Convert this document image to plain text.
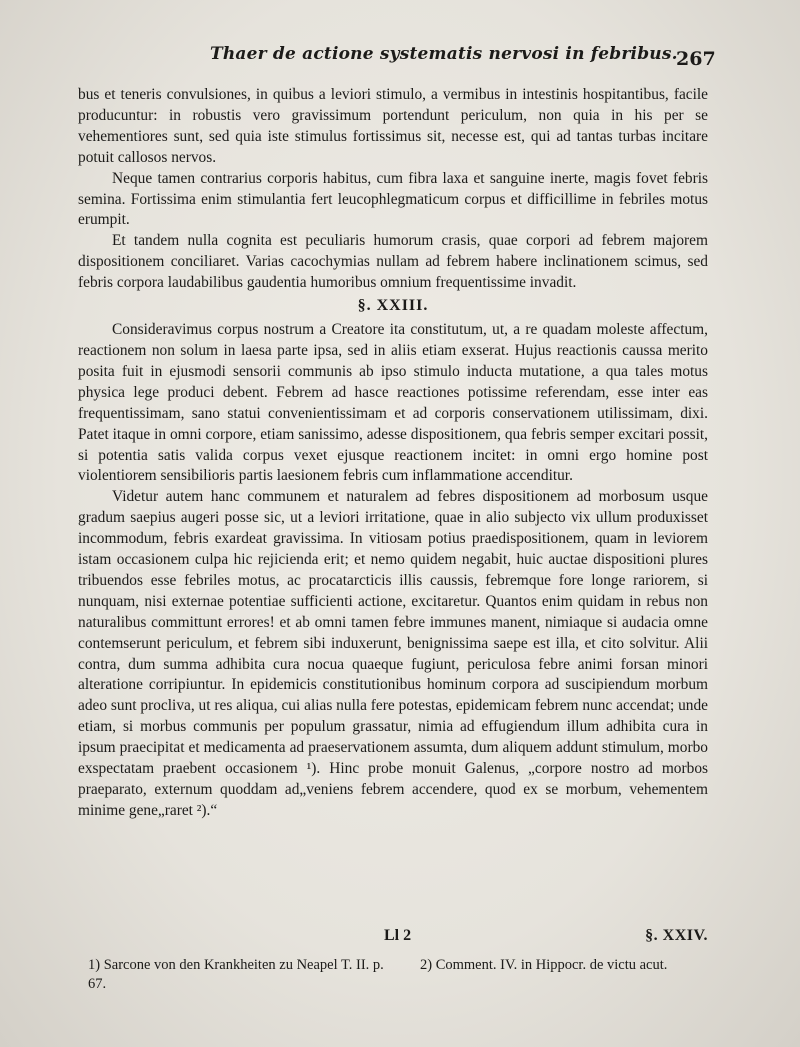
Thaer de actione systematis nervosi in febribus.
267

bus et teneris convulsiones, in quibus a leviori stimulo, a vermibus in intestinis hospitantibus, facile producuntur: in robustis vero gravissimum portendunt periculum, non quia in his per se vehementiores sunt, sed quia iste stimulus fortissimus sit, necesse est, qui ad tantas turbas incitare potuit callosos nervos.

Neque tamen contrarius corporis habitus, cum fibra laxa et sanguine inerte, magis fovet febris semina. Fortissima enim stimulantia fert leucophlegmaticum corpus et difficillime in febriles motus erumpit.

Et tandem nulla cognita est peculiaris humorum crasis, quae corpori ad febrem majorem dispositionem conciliaret. Varias cacochymias nullam ad febrem habere inclinationem scimus, sed febris corpora laudabilibus gaudentia humoribus omnium frequentissime invadit.

§. XXIII.

Consideravimus corpus nostrum a Creatore ita constitutum, ut, a re quadam moleste affectum, reactionem non solum in laesa parte ipsa, sed in aliis etiam exserat. Hujus reactionis caussa merito posita fuit in ejusmodi sensorii communis ab ipso stimulo inducta mutatione, a qua tales motus physica lege produci debent. Febrem ad hasce reactiones potissime referendam, esse inter eas frequentissimam, sano statui convenientissimam et ad corporis conservationem utilissimam, dixi. Patet itaque in omni corpore, etiam sanissimo, adesse dispositionem, qua febris semper excitari possit, si potentia satis valida corpus vexet ejusque reactionem incitet: in omni ergo homine post violentiorem sensibilioris partis laesionem febris cum inflammatione accenditur.

Videtur autem hanc communem et naturalem ad febres dispositionem ad morbosum usque gradum saepius augeri posse sic, ut a leviori irritatione, quae in alio subjecto vix ullum produxisset incommodum, febris exardeat gravissima. In vitiosam potius praedispositionem, quam in leviorem istam occasionem culpa hic rejicienda erit; et nemo quidem negabit, huic auctae dispositioni plures tribuendos esse febriles motus, ac procatarcticis illis caussis, febremque fore longe rariorem, si nunquam, nisi externae potentiae sufficienti actione, excitaretur. Quantos enim quidam in rebus non naturalibus committunt errores! et ab omni tamen febre immunes manent, nimiaque si audacia omne contemserunt periculum, et febrem sibi induxerunt, benignissima saepe est illa, et cito solvitur. Alii contra, dum summa adhibita cura nocua quaeque fugiunt, periculosa febre animi forsan minori alteratione corripiuntur. In epidemicis constitutionibus hominum corpora ad suscipiendum morbum adeo sunt procliva, ut res aliqua, cui alias nulla fere potestas, epidemicam febrem nunc accendat; unde etiam, si morbus communis per populum grassatur, nimia ad effugiendum illum adhibita cura in ipsum praecipitat et medicamenta ad praeservationem assumta, dum aliquem addunt stimulum, morbo exspectatam praebent occasionem ¹). Hinc probe monuit Galenus, „corpore nostro ad morbos praeparato, externum quoddam ad„veniens febrem accendere, quod ex se morbum, vehementem minime gene„raret ²).“

Ll 2	§. XXIV.
1) Sarcone von den Krankheiten zu Neapel T. II. p. 67.
2) Comment. IV. in Hippocr. de victu acut.
